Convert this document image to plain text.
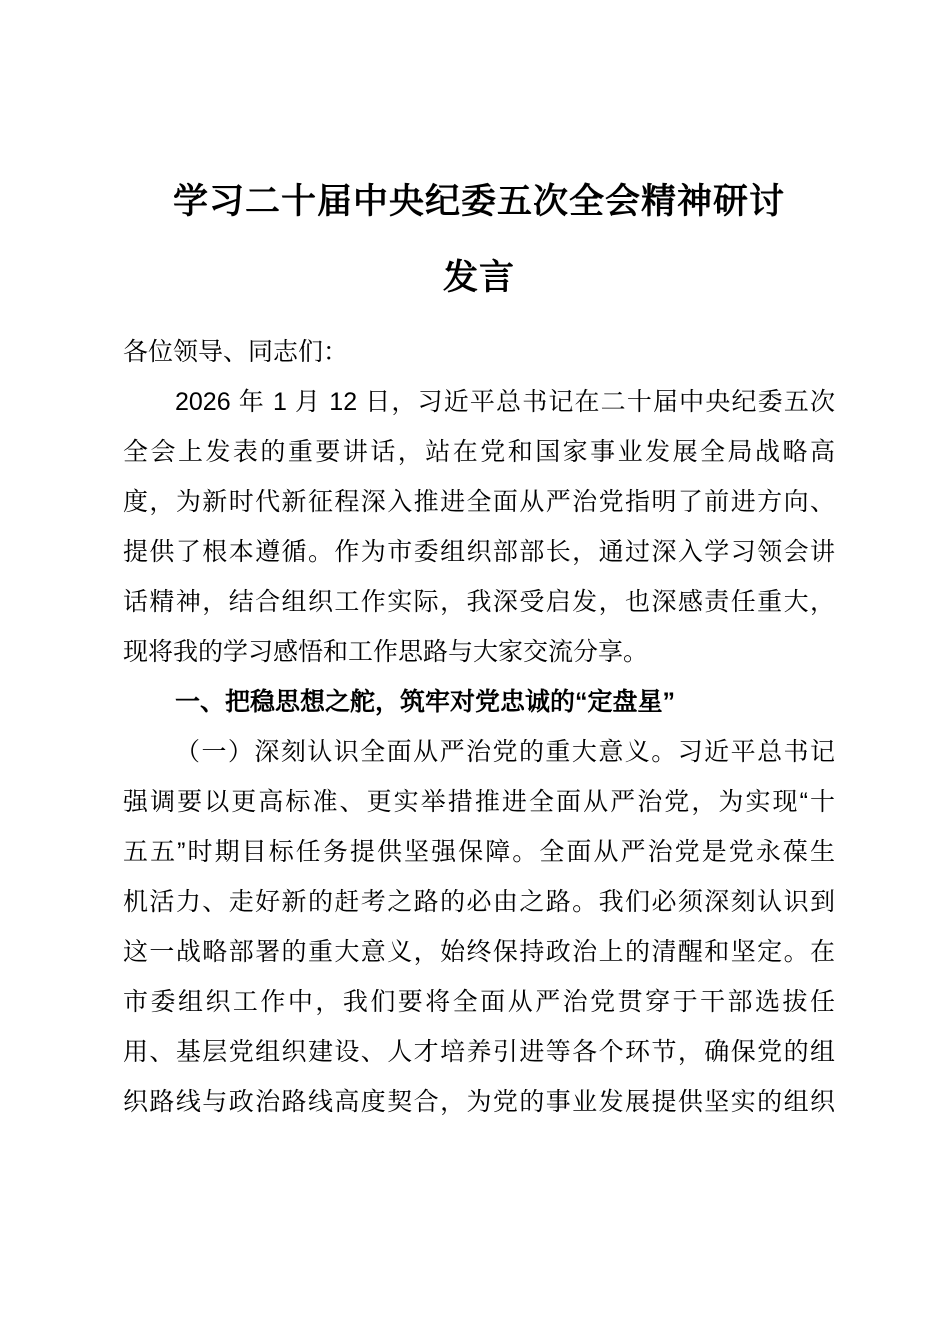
学习二十届中央纪委五次全会精神研讨
发言
各位领导、同志们：
2026 年 1 月 12 日，习近平总书记在二十届中央纪委五次
全会上发表的重要讲话，站在党和国家事业发展全局战略高
度，为新时代新征程深入推进全面从严治党指明了前进方向、
提供了根本遵循。作为市委组织部部长，通过深入学习领会讲
话精神，结合组织工作实际，我深受启发，也深感责任重大，
现将我的学习感悟和工作思路与大家交流分享。
一、把稳思想之舵，筑牢对党忠诚的“定盘星”
（一）深刻认识全面从严治党的重大意义。习近平总书记
强调要以更高标准、更实举措推进全面从严治党，为实现“十
五五”时期目标任务提供坚强保障。全面从严治党是党永葆生
机活力、走好新的赶考之路的必由之路。我们必须深刻认识到
这一战略部署的重大意义，始终保持政治上的清醒和坚定。在
市委组织工作中，我们要将全面从严治党贯穿于干部选拔任
用、基层党组织建设、人才培养引进等各个环节，确保党的组
织路线与政治路线高度契合，为党的事业发展提供坚实的组织
